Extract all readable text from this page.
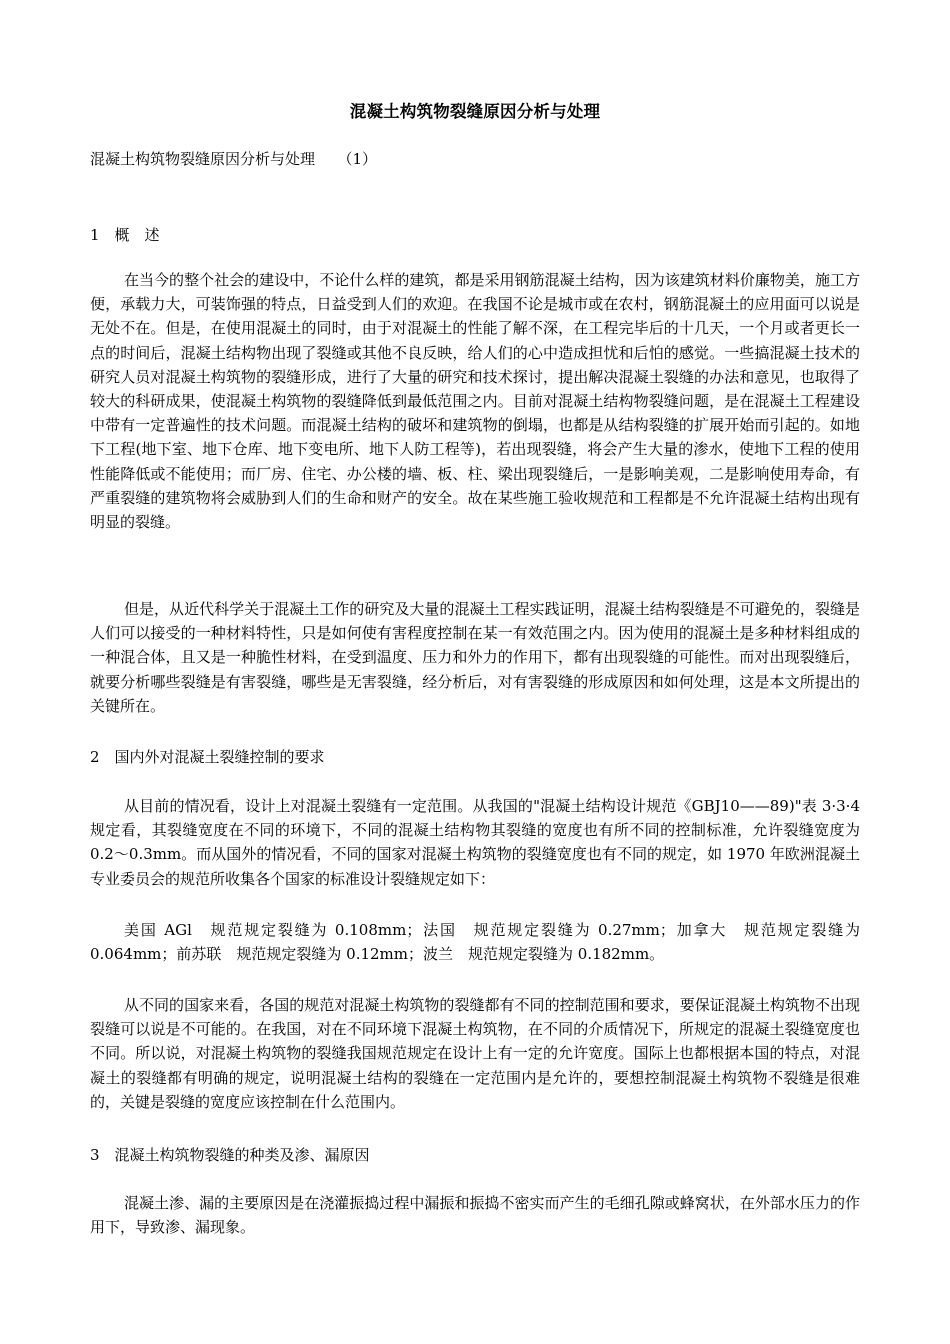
混凝土构筑物裂缝原因分析与处理
混凝土构筑物裂缝原因分析与处理　　（1）
1　概　述

在当今的整个社会的建设中，不论什么样的建筑，都是采用钢筋混凝土结构，因为该建筑材料价廉物美，施工方便，承载力大，可装饰强的特点，日益受到人们的欢迎。在我国不论是城市或在农村，钢筋混凝土的应用面可以说是无处不在。但是，在使用混凝土的同时，由于对混凝土的性能了解不深，在工程完毕后的十几天，一个月或者更长一点的时间后，混凝土结构物出现了裂缝或其他不良反映，给人们的心中造成担忧和后怕的感觉。一些搞混凝土技术的研究人员对混凝土构筑物的裂缝形成，进行了大量的研究和技术探讨，提出解决混凝土裂缝的办法和意见，也取得了较大的科研成果，使混凝土构筑物的裂缝降低到最低范围之内。目前对混凝土结构物裂缝问题，是在混凝土工程建设中带有一定普遍性的技术问题。而混凝土结构的破坏和建筑物的倒塌，也都是从结构裂缝的扩展开始而引起的。如地下工程(地下室、地下仓库、地下变电所、地下人防工程等)，若出现裂缝，将会产生大量的渗水，使地下工程的使用性能降低或不能使用；而厂房、住宅、办公楼的墙、板、柱、梁出现裂缝后，一是影响美观，二是影响使用寿命，有严重裂缝的建筑物将会威胁到人们的生命和财产的安全。故在某些施工验收规范和工程都是不允许混凝土结构出现有明显的裂缝。

但是，从近代科学关于混凝土工作的研究及大量的混凝土工程实践证明，混凝土结构裂缝是不可避免的，裂缝是人们可以接受的一种材料特性，只是如何使有害程度控制在某一有效范围之内。因为使用的混凝土是多种材料组成的一种混合体，且又是一种脆性材料，在受到温度、压力和外力的作用下，都有出现裂缝的可能性。而对出现裂缝后，就要分析哪些裂缝是有害裂缝，哪些是无害裂缝，经分析后，对有害裂缝的形成原因和如何处理，这是本文所提出的关键所在。

2　国内外对混凝土裂缝控制的要求

从目前的情况看，设计上对混凝土裂缝有一定范围。从我国的"混凝土结构设计规范《GBJ10——89)"表 3·3·4 规定看，其裂缝宽度在不同的环境下，不同的混凝土结构物其裂缝的宽度也有所不同的控制标准，允许裂缝宽度为 0.2～0.3mm。而从国外的情况看，不同的国家对混凝土构筑物的裂缝宽度也有不同的规定，如 1970 年欧洲混凝土专业委员会的规范所收集各个国家的标准设计裂缝规定如下：

美国 AGl　规范规定裂缝为 0.108mm；法国　规范规定裂缝为 0.27mm；加拿大　规范规定裂缝为 0.064mm；前苏联　规范规定裂缝为 0.12mm；波兰　规范规定裂缝为 0.182mm。

从不同的国家来看，各国的规范对混凝土构筑物的裂缝都有不同的控制范围和要求，要保证混凝土构筑物不出现裂缝可以说是不可能的。在我国，对在不同环境下混凝土构筑物，在不同的介质情况下，所规定的混凝土裂缝宽度也不同。所以说，对混凝土构筑物的裂缝我国规范规定在设计上有一定的允许宽度。国际上也都根据本国的特点，对混凝土的裂缝都有明确的规定，说明混凝土结构的裂缝在一定范围内是允许的，要想控制混凝土构筑物不裂缝是很难的，关键是裂缝的宽度应该控制在什么范围内。

3　混凝土构筑物裂缝的种类及渗、漏原因

混凝土渗、漏的主要原因是在浇灌振捣过程中漏振和振捣不密实而产生的毛细孔隙或蜂窝状，在外部水压力的作用下，导致渗、漏现象。
